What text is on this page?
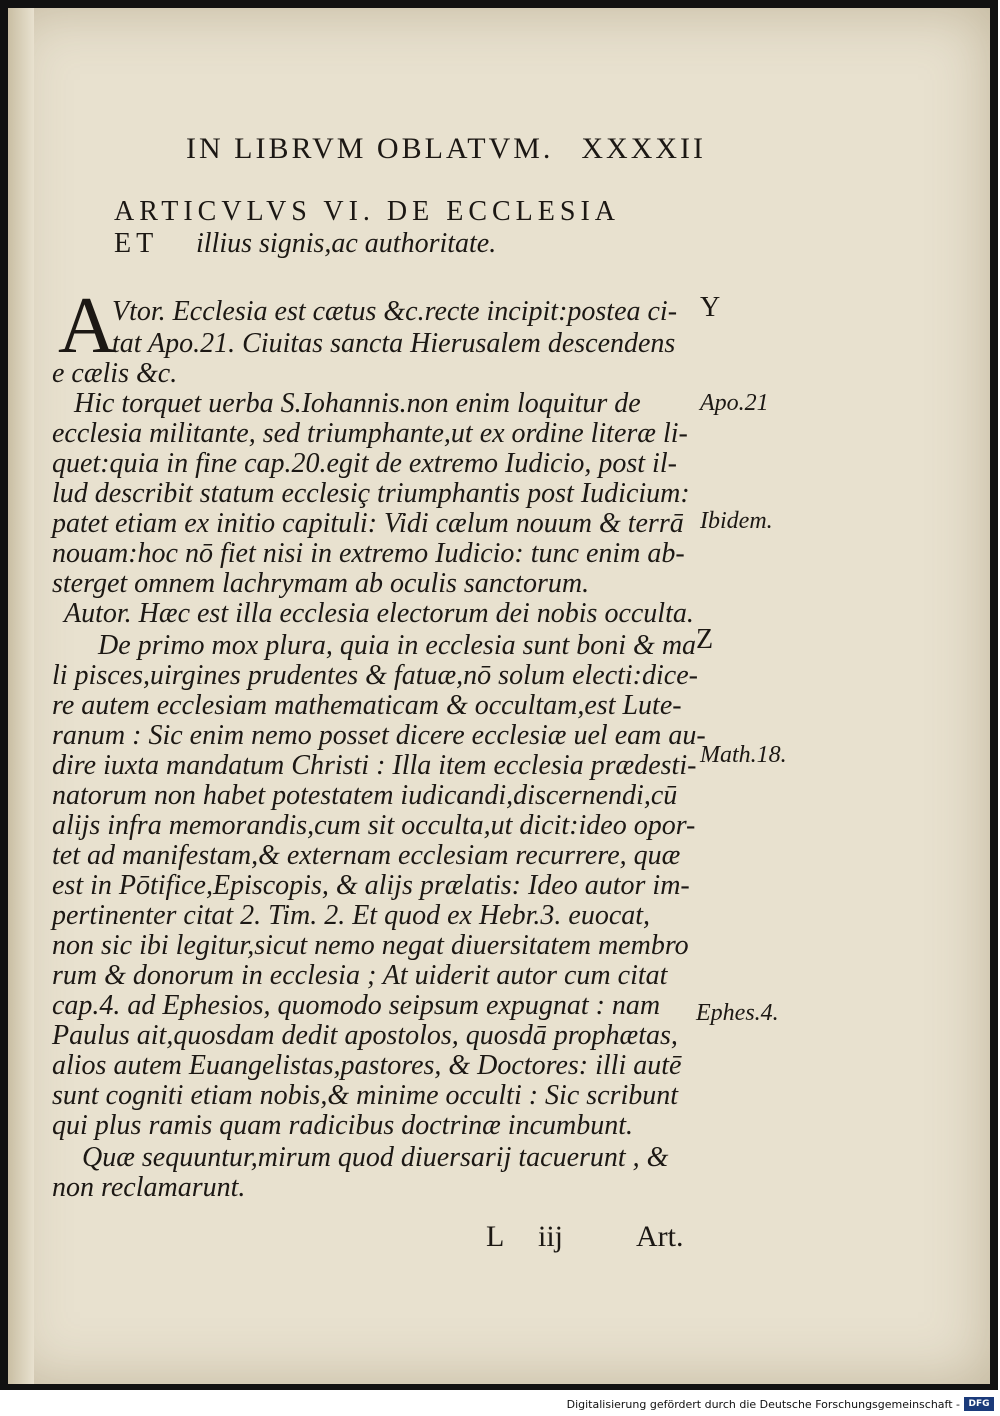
IN LIBRVM OBLATVM. XXXXII
ARTICVLVS VI. DE ECCLESIA ET	illius signis,ac authoritate.
A
Vtor. Ecclesia est cætus &c.recte incipit:postea ci-
tat Apo.21. Ciuitas sancta Hierusalem descendens
e cælis &c.
Hic torquet uerba S.Iohannis.non enim loquitur de
ecclesia militante, sed triumphante,ut ex ordine literæ li-
quet:quia in fine cap.20.egit de extremo Iudicio, post il-
lud describit statum ecclesiç triumphantis post Iudicium:
patet etiam ex initio capituli: Vidi cælum nouum & terrā
nouam:hoc nō fiet nisi in extremo Iudicio: tunc enim ab-
sterget omnem lachrymam ab oculis sanctorum.
Autor. Hæc est illa ecclesia electorum dei nobis occulta.
De primo mox plura, quia in ecclesia sunt boni & ma
li pisces,uirgines prudentes & fatuæ,nō solum electi:dice-
re autem ecclesiam mathematicam & occultam,est Lute-
ranum : Sic enim nemo posset dicere ecclesiæ uel eam au-
dire iuxta mandatum Christi : Illa item ecclesia prædesti-
natorum non habet potestatem iudicandi,discernendi,cū
alijs infra memorandis,cum sit occulta,ut dicit:ideo opor-
tet ad manifestam,& externam ecclesiam recurrere, quæ
est in Pōtifice,Episcopis, & alijs prælatis: Ideo autor im-
pertinenter citat 2. Tim. 2. Et quod ex Hebr.3. euocat,
non sic ibi legitur,sicut nemo negat diuersitatem membro
rum & donorum in ecclesia ; At uiderit autor cum citat
cap.4. ad Ephesios, quomodo seipsum expugnat : nam
Paulus ait,quosdam dedit apostolos, quosdā prophætas,
alios autem Euangelistas,pastores, & Doctores: illi autē
sunt cogniti etiam nobis,& minime occulti : Sic scribunt
qui plus ramis quam radicibus doctrinæ incumbunt.
Quæ sequuntur,mirum quod diuersarij tacuerunt , &
non reclamarunt.
Y
Apo.21
Ibidem.
Z
Math.18.
Ephes.4.
L iij Art.
Digitalisierung gefördert durch die Deutsche Forschungsgemeinschaft - DFG
